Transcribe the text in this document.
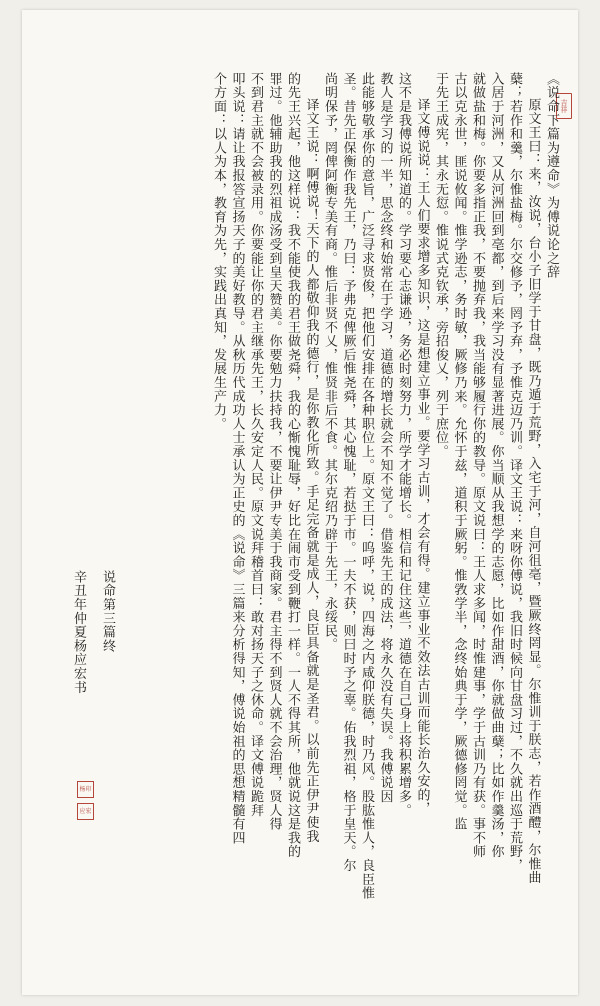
吉祥
《说命下篇为遵命》为傅说论之辞
原文王曰：来，汝说，台小子旧学于甘盘，既乃遁于荒野，入宅于河，自河徂亳，暨厥终罔显。尔惟训于朕志，若作酒醴，尔惟曲
蘖；若作和羹，尔惟盐梅。尔交修予，罔予弃，予惟克迈乃训。译文王说：来呀你傅说，我旧时候向甘盘习过，不久就出巡于荒野，
入居于河洲，又从河洲回到亳都，到后来学习没有显著进展。你当顺从我想学的志愿，比如作甜酒，你就做曲蘖；比如作羹汤，你
就做盐和梅。你要多指正我，不要抛弃我，我当能够履行你的教导。原文说曰：王人求多闻，时惟建事，学于古训乃有获。事不师
古以克永世，匪说攸闻。惟学逊志，务时敏，厥修乃来。允怀于兹，道积于厥躬。惟敩学半，念终始典于学，厥德修罔觉。监
于先王成宪，其永无愆。惟说式克钦承，旁招俊乂，列于庶位。
译文傅说说：王人们要求增多知识，这是想建立事业。要学习古训，才会有得。建立事业不效法古训而能长治久安的，
这不是我傅说所知道的。学习要心志谦逊，务必时刻努力，所学才能增长。相信和记住这些，道德在自己身上将积累增多。
教人是学习的一半，思念终和始常在于学习，道德的增长就会不知不觉了。借鉴先王的成法，将永久没有失误。我傅说因
此能够敬承你的意旨，广泛寻求贤俊，把他们安排在各种职位上。原文王曰：呜呼，说，四海之内咸仰朕德，时乃风。股肱惟人，良臣惟
圣。昔先正保衡作我先王，乃曰：予弗克俾厥后惟尧舜，其心愧耻，若挞于市。一夫不获，则曰时予之辜。佑我烈祖，格于皇天。尔
尚明保予，罔俾阿衡专美有商。惟后非贤不乂，惟贤非后不食。其尔克绍乃辟于先王，永绥民。
译文王说：啊傅说！天下的人都敬仰我的德行，是你教化所致。手足完备就是成人，良臣具备就是圣君。以前先正伊尹使我
的先王兴起，他这样说：我不能使我的君王做尧舜，我的心惭愧耻辱，好比在闹市受到鞭打一样。一人不得其所，他就说这是我的
罪过。他辅助我的烈祖成汤受到皇天赞美。你要勉力扶持我，不要让伊尹专美于我商家。君主得不到贤人就不会治理，贤人得
不到君主就不会被录用。你要能让你的君主继承先王，长久安定人民。原文说拜稽首曰：敢对扬天子之休命。译文傅说跪拜
叩头说：请让我报答宣扬天子的美好教导。从秋历代成功人士承认为正史的《说命》三篇来分析得知，傅说始祖的思想精髓有四
个方面：以人为本，教育为先，实践出真知，发展生产力。
说命第三篇终
辛丑年仲夏杨应宏书
杨印
应宏
